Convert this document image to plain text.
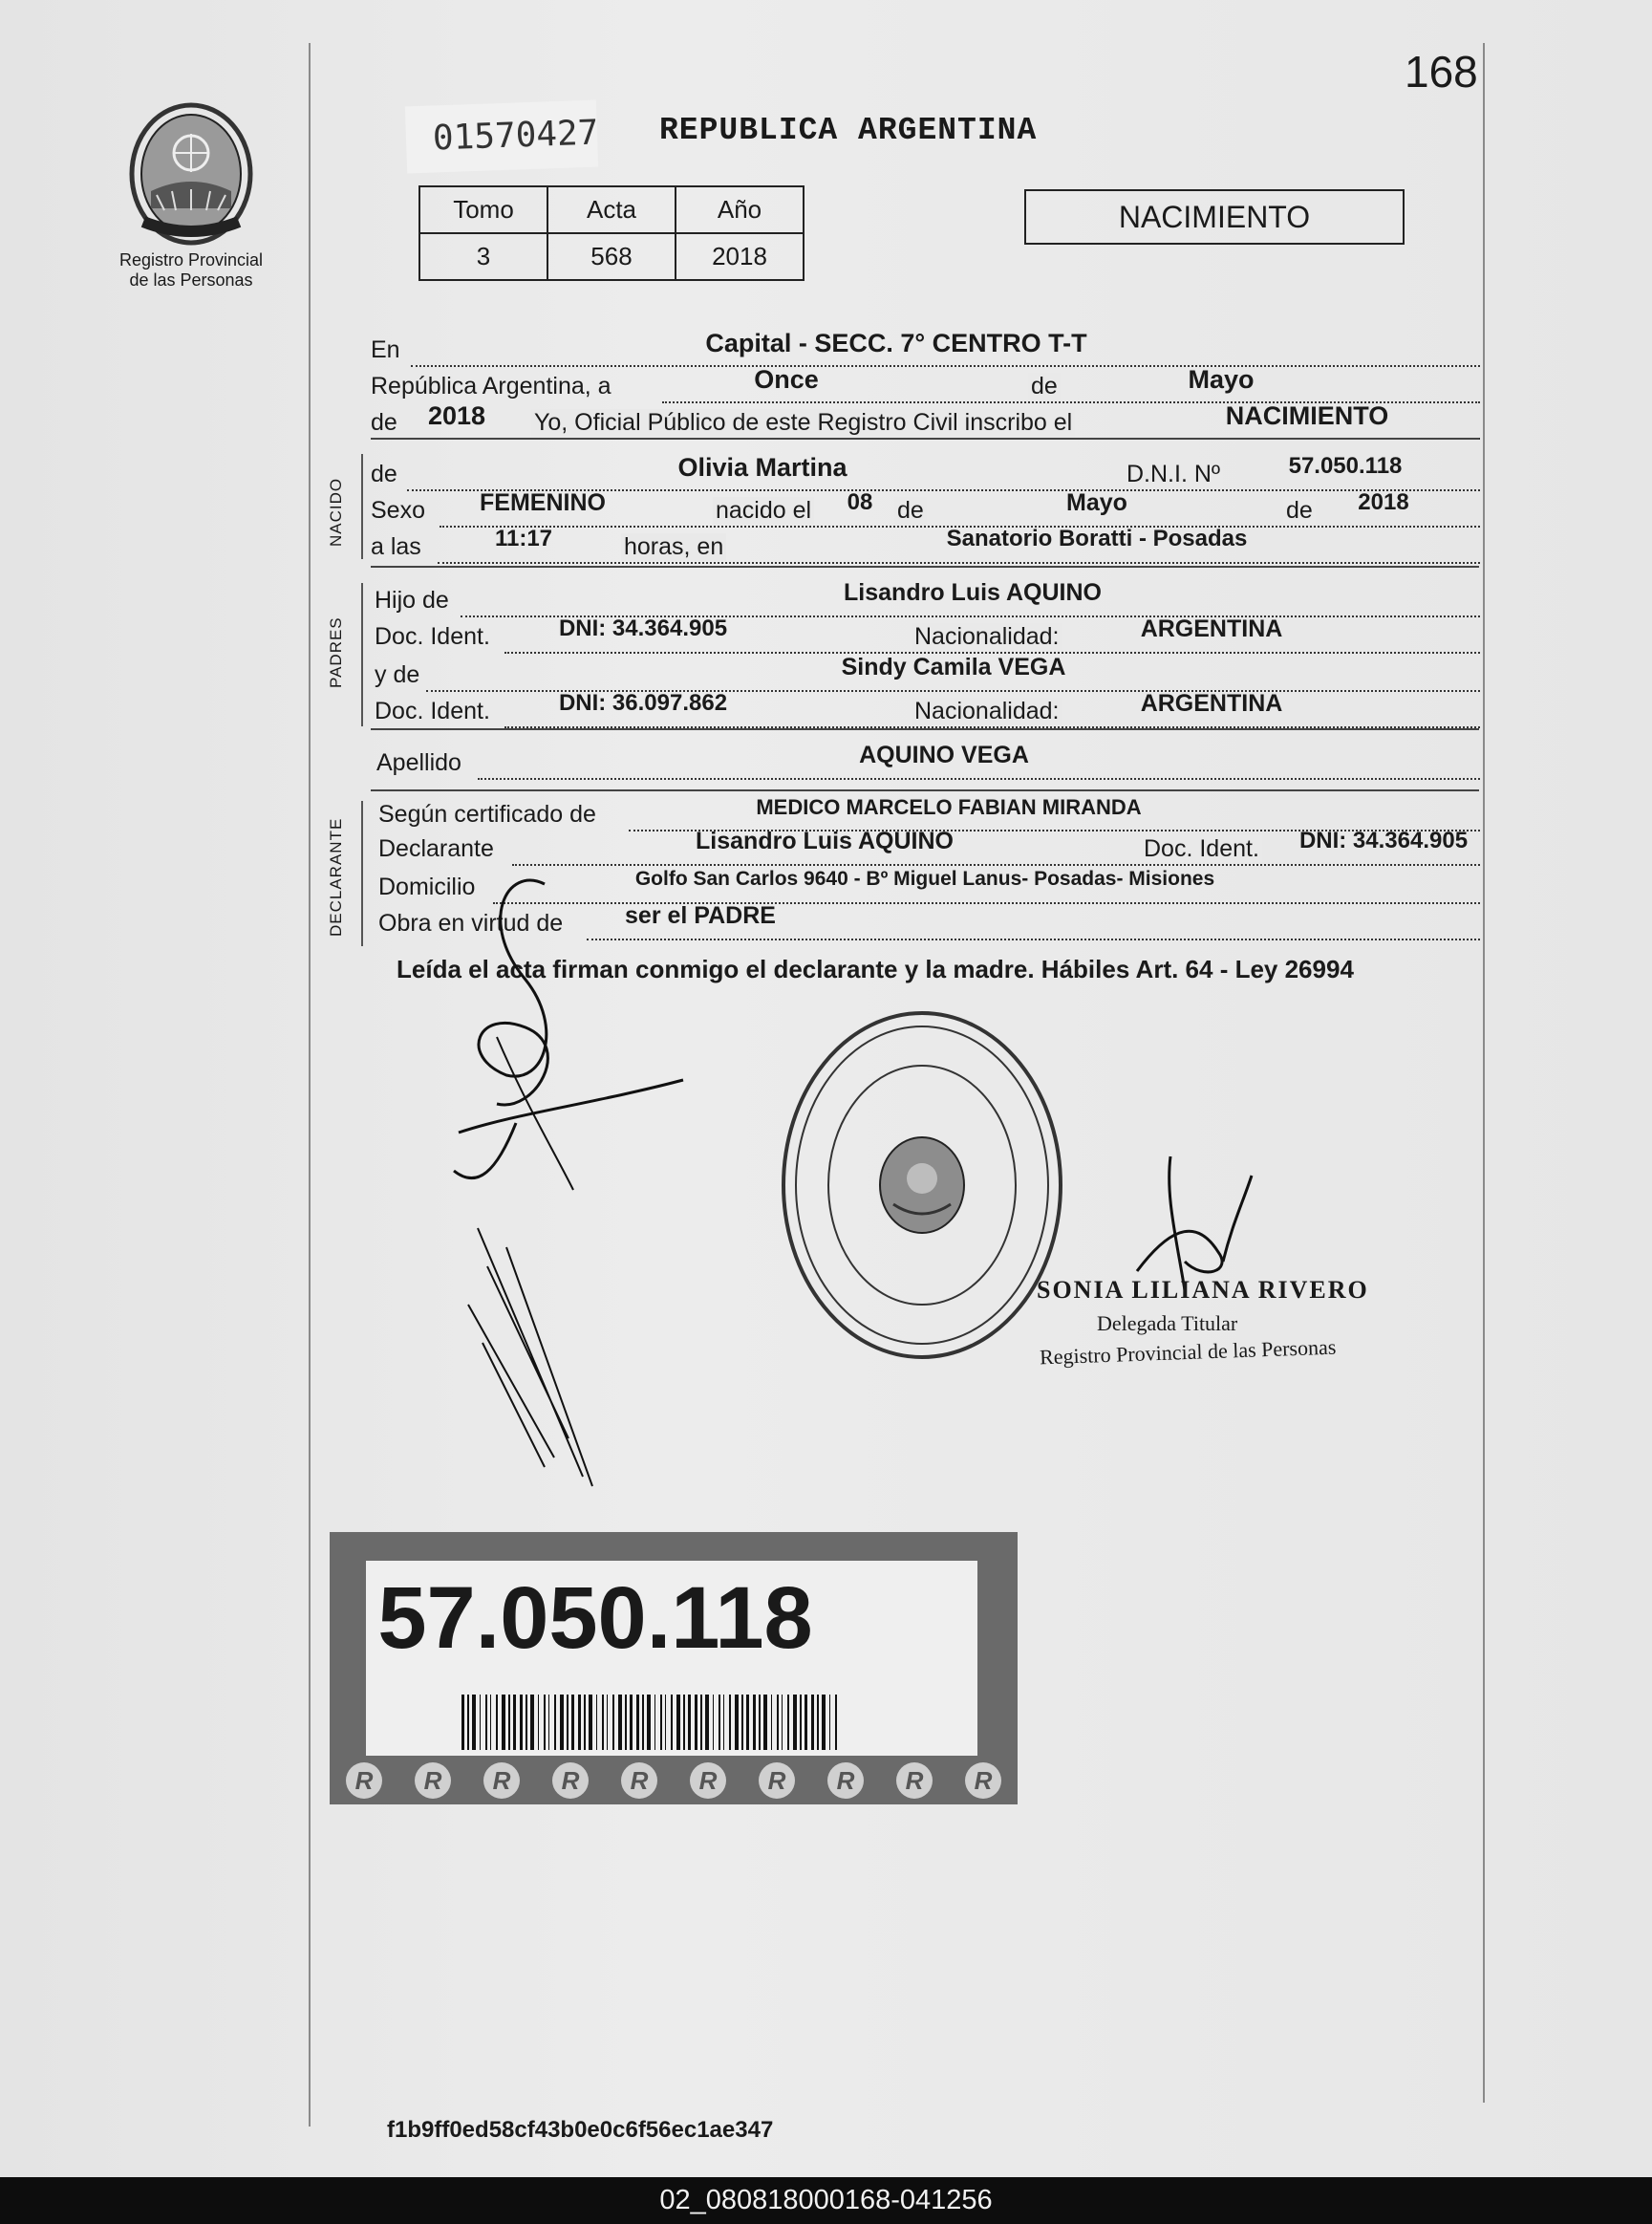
168
Registro Provincial
de las Personas
01570427 REPUBLICA ARGENTINA
Tomo	Acta	Año
3	568	2018
NACIMIENTO
En	Capital - SECC. 7° CENTRO T-T
República Argentina, a	Once	de	Mayo
de	2018	Yo, Oficial Público de este Registro Civil inscribo el	NACIMIENTO
NACIDO
de	Olivia Martina	D.N.I. Nº	57.050.118
Sexo	FEMENINO	nacido el 08 de	Mayo	de	2018
a las	11:17	horas, en	Sanatorio Boratti - Posadas
PADRES
Hijo de	Lisandro Luis AQUINO
Doc. Ident.	DNI: 34.364.905	Nacionalidad:	ARGENTINA
y de	Sindy Camila VEGA
Doc. Ident.	DNI: 36.097.862	Nacionalidad:	ARGENTINA
Apellido	AQUINO VEGA
DECLARANTE
Según certificado de	MEDICO MARCELO FABIAN MIRANDA
Declarante	Lisandro Luis AQUINO	Doc. Ident.	DNI: 34.364.905
Domicilio	Golfo San Carlos 9640 - Bº Miguel Lanus- Posadas- Misiones
Obra en virtud de	ser el PADRE
Leída el acta firman conmigo el declarante y la madre. Hábiles Art. 64 - Ley 26994
SONIA LILIANA RIVERO
Delegada Titular
Registro Provincial de las Personas
57.050.118
R	R	R	R	R	R	R	R	R	R
f1b9ff0ed58cf43b0e0c6f56ec1ae347
02_080818000168-041256
